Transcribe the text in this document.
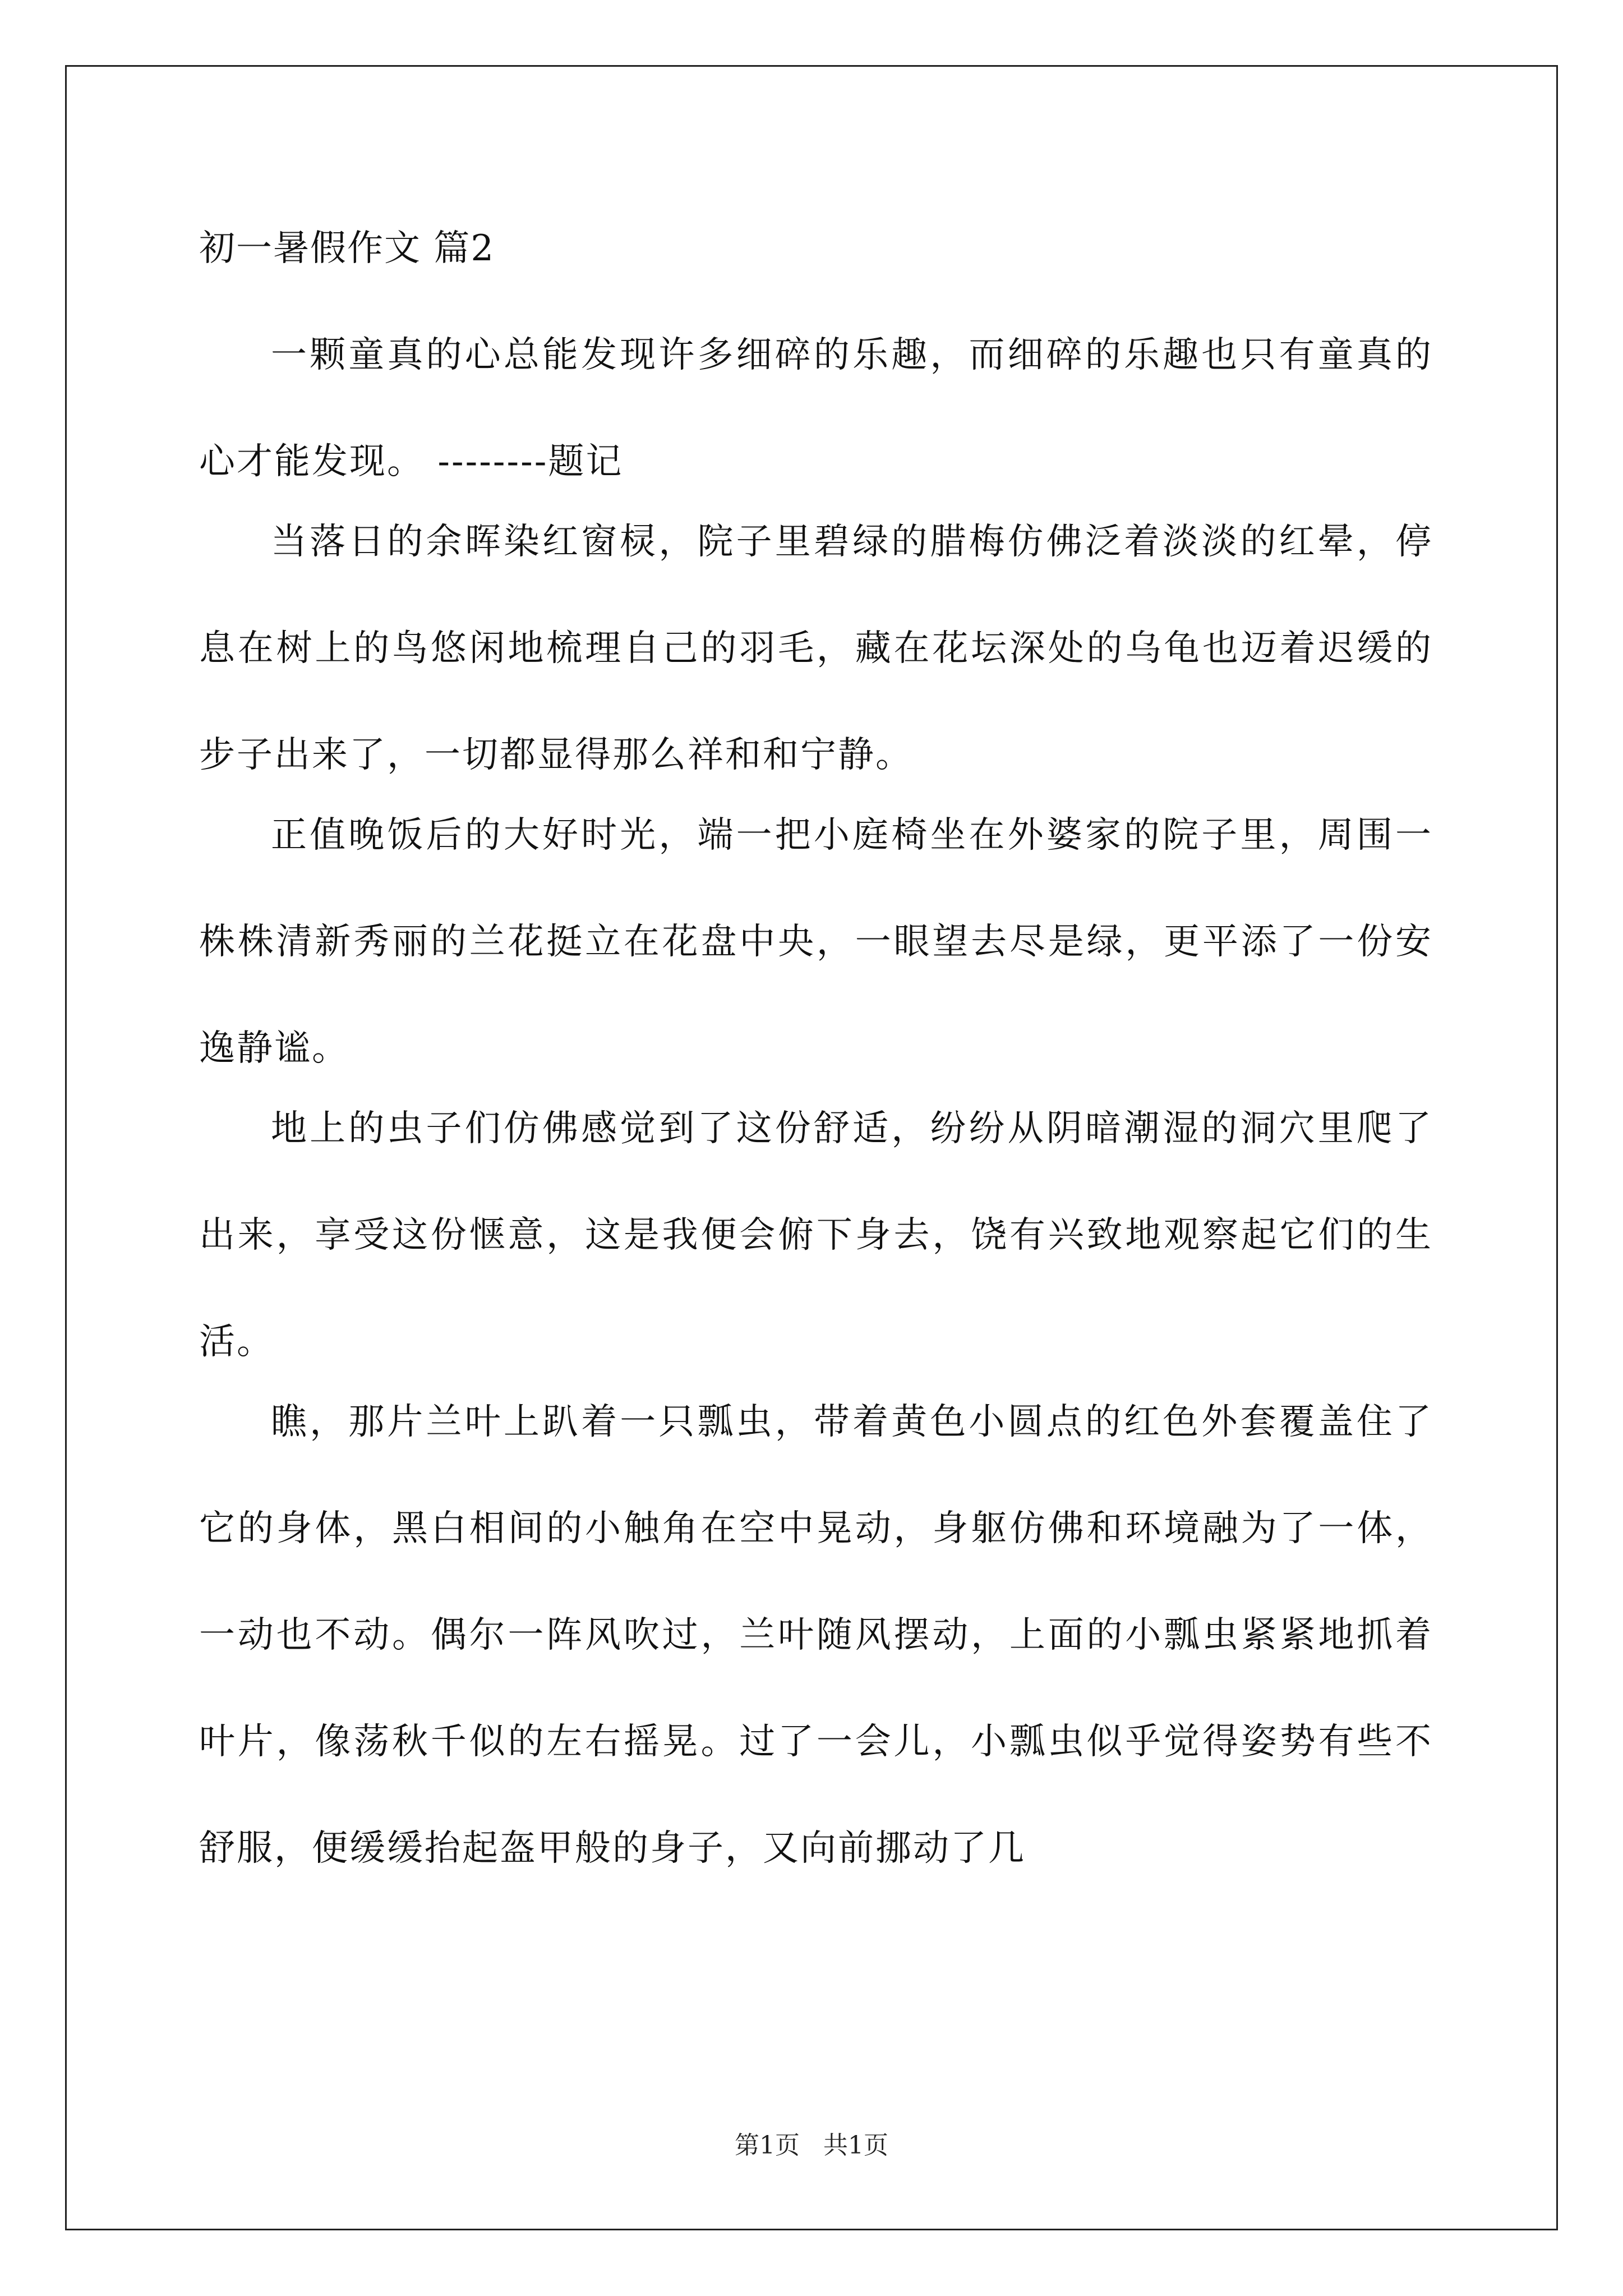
初一暑假作文 篇2

一颗童真的心总能发现许多细碎的乐趣，而细碎的乐趣也只有童真的心才能发现。 --------题记

当落日的余晖染红窗棂，院子里碧绿的腊梅仿佛泛着淡淡的红晕，停息在树上的鸟悠闲地梳理自己的羽毛，藏在花坛深处的乌龟也迈着迟缓的步子出来了，一切都显得那么祥和和宁静。

正值晚饭后的大好时光，端一把小庭椅坐在外婆家的院子里，周围一株株清新秀丽的兰花挺立在花盘中央，一眼望去尽是绿，更平添了一份安逸静谧。

地上的虫子们仿佛感觉到了这份舒适，纷纷从阴暗潮湿的洞穴里爬了出来，享受这份惬意，这是我便会俯下身去，饶有兴致地观察起它们的生活。

瞧，那片兰叶上趴着一只瓢虫，带着黄色小圆点的红色外套覆盖住了它的身体，黑白相间的小触角在空中晃动，身躯仿佛和环境融为了一体，一动也不动。偶尔一阵风吹过，兰叶随风摆动，上面的小瓢虫紧紧地抓着叶片，像荡秋千似的左右摇晃。过了一会儿，小瓢虫似乎觉得姿势有些不舒服，便缓缓抬起盔甲般的身子，又向前挪动了几

第1页 共1页
